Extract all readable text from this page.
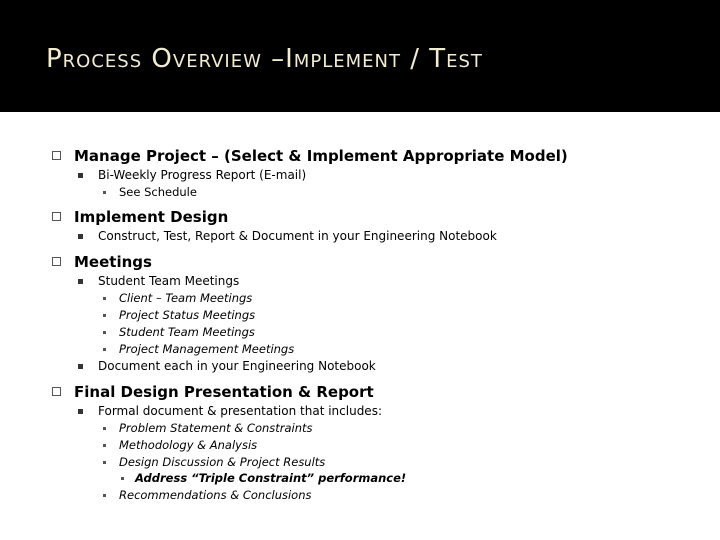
Process Overview –Implement / Test
Manage Project – (Select & Implement Appropriate Model)
Bi-Weekly Progress Report (E-mail)
See Schedule
Implement Design
Construct, Test, Report & Document in your Engineering Notebook
Meetings
Student Team Meetings
Client – Team Meetings
Project Status Meetings
Student Team Meetings
Project Management Meetings
Document each in your Engineering Notebook
Final Design Presentation & Report
Formal document & presentation that includes:
Problem Statement & Constraints
Methodology & Analysis
Design Discussion & Project Results
Address “Triple Constraint” performance!
Recommendations & Conclusions
